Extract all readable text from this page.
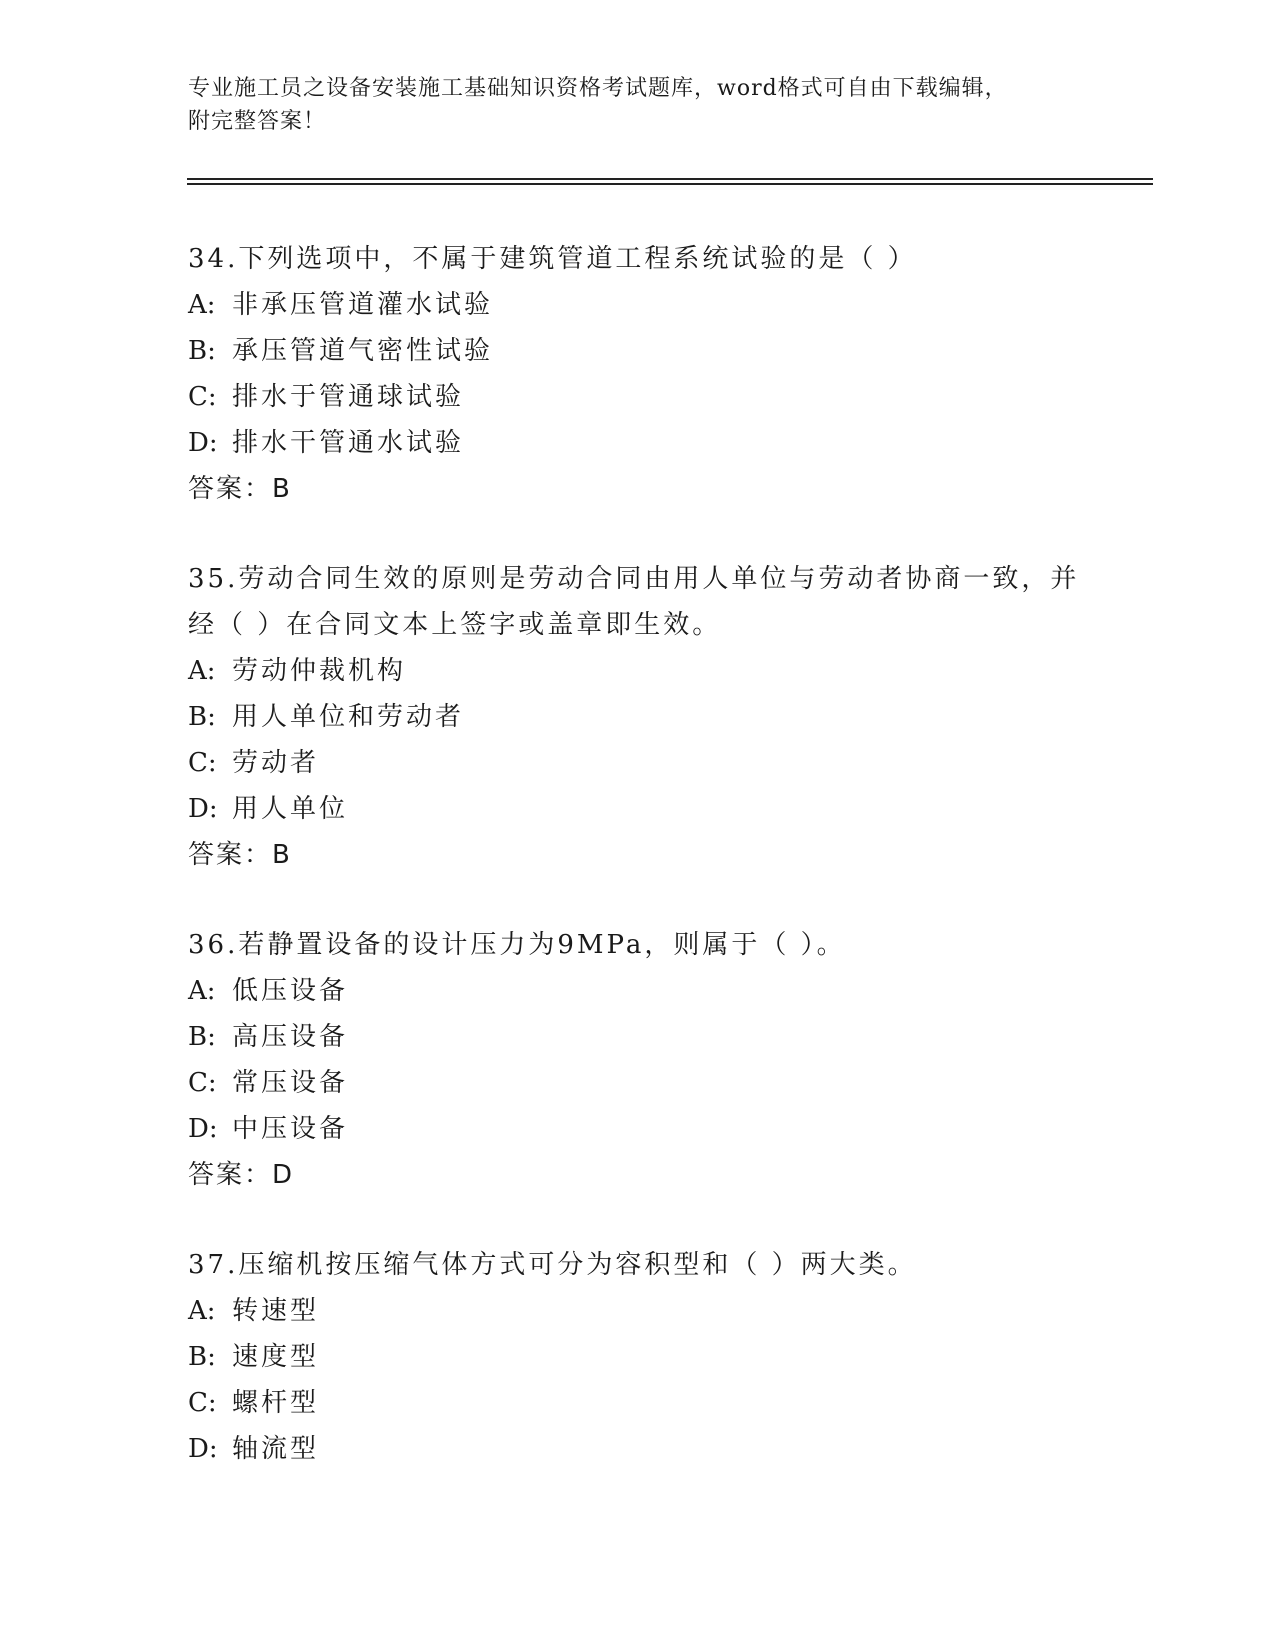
专业施工员之设备安装施工基础知识资格考试题库，word格式可自由下载编辑，
附完整答案！
34.下列选项中，不属于建筑管道工程系统试验的是（ ）
A: 非承压管道灌水试验
B: 承压管道气密性试验
C: 排水于管通球试验
D: 排水干管通水试验
答案：B
35.劳动合同生效的原则是劳动合同由用人单位与劳动者协商一致，并
经（ ）在合同文本上签字或盖章即生效。
A: 劳动仲裁机构
B: 用人单位和劳动者
C: 劳动者
D: 用人单位
答案：B
36.若静置设备的设计压力为9MPa，则属于（ ）。
A: 低压设备
B: 高压设备
C: 常压设备
D: 中压设备
答案：D
37.压缩机按压缩气体方式可分为容积型和（ ）两大类。
A: 转速型
B: 速度型
C: 螺杆型
D: 轴流型
